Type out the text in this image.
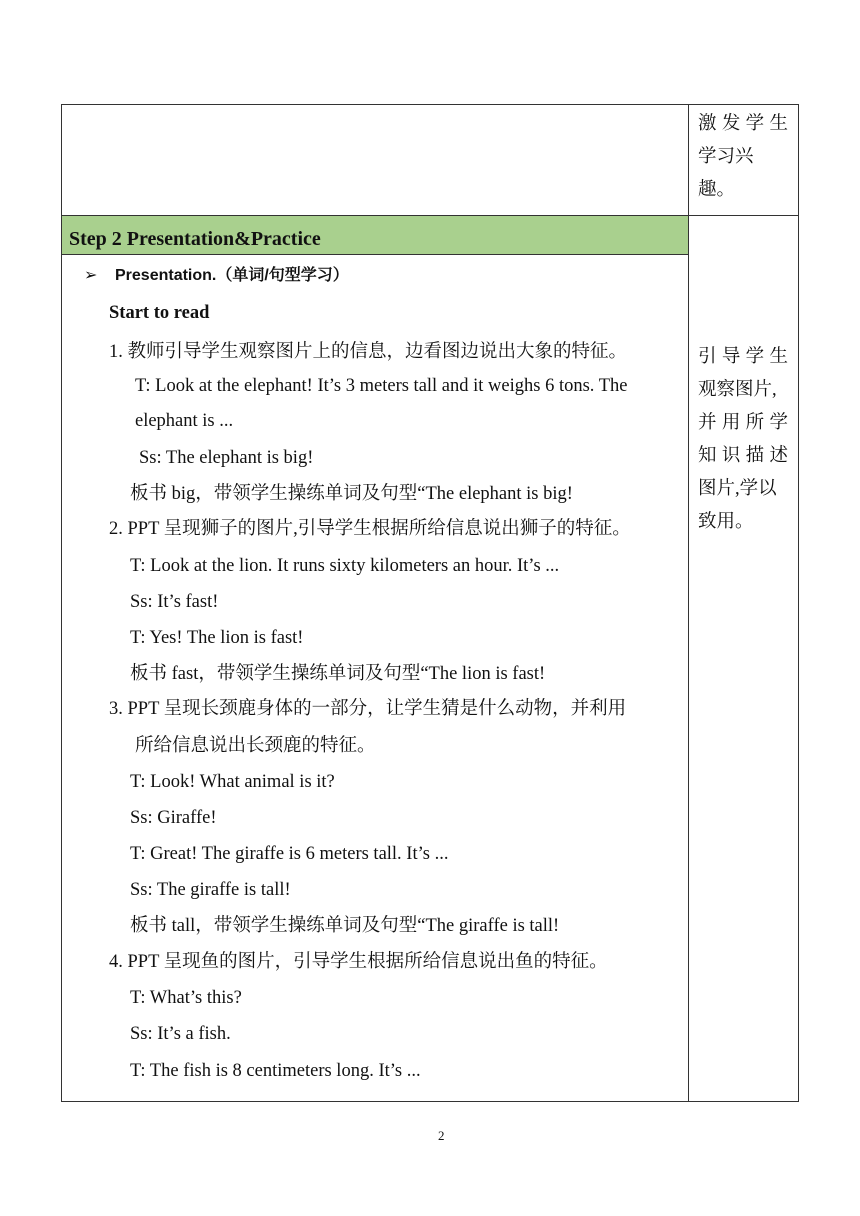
激 发 学 生
学习兴趣。
Step 2 Presentation&Practice
➢ Presentation.（单词/句型学习）
Start to read
1. 教师引导学生观察图片上的信息，边看图边说出大象的特征。
T: Look at the elephant! It’s 3 meters tall and it weighs 6 tons. The
elephant is ...
Ss: The elephant is big!
板书 big，带领学生操练单词及句型“The elephant is big!
2. PPT 呈现狮子的图片,引导学生根据所给信息说出狮子的特征。
T: Look at the lion. It runs sixty kilometers an hour. It’s ...
Ss: It’s fast!
T: Yes! The lion is fast!
板书 fast，带领学生操练单词及句型“The lion is fast!
3. PPT 呈现长颈鹿身体的一部分，让学生猜是什么动物，并利用
所给信息说出长颈鹿的特征。
T: Look! What animal is it?
Ss: Giraffe!
T: Great! The giraffe is 6 meters tall. It’s ...
Ss: The giraffe is tall!
板书 tall，带领学生操练单词及句型“The giraffe is tall!
4. PPT 呈现鱼的图片，引导学生根据所给信息说出鱼的特征。
T: What’s this?
Ss: It’s a fish.
T: The fish is 8 centimeters long. It’s ...
引 导 学 生
观察图片,
并 用 所 学
知 识 描 述
图片,学以
致用。
2
